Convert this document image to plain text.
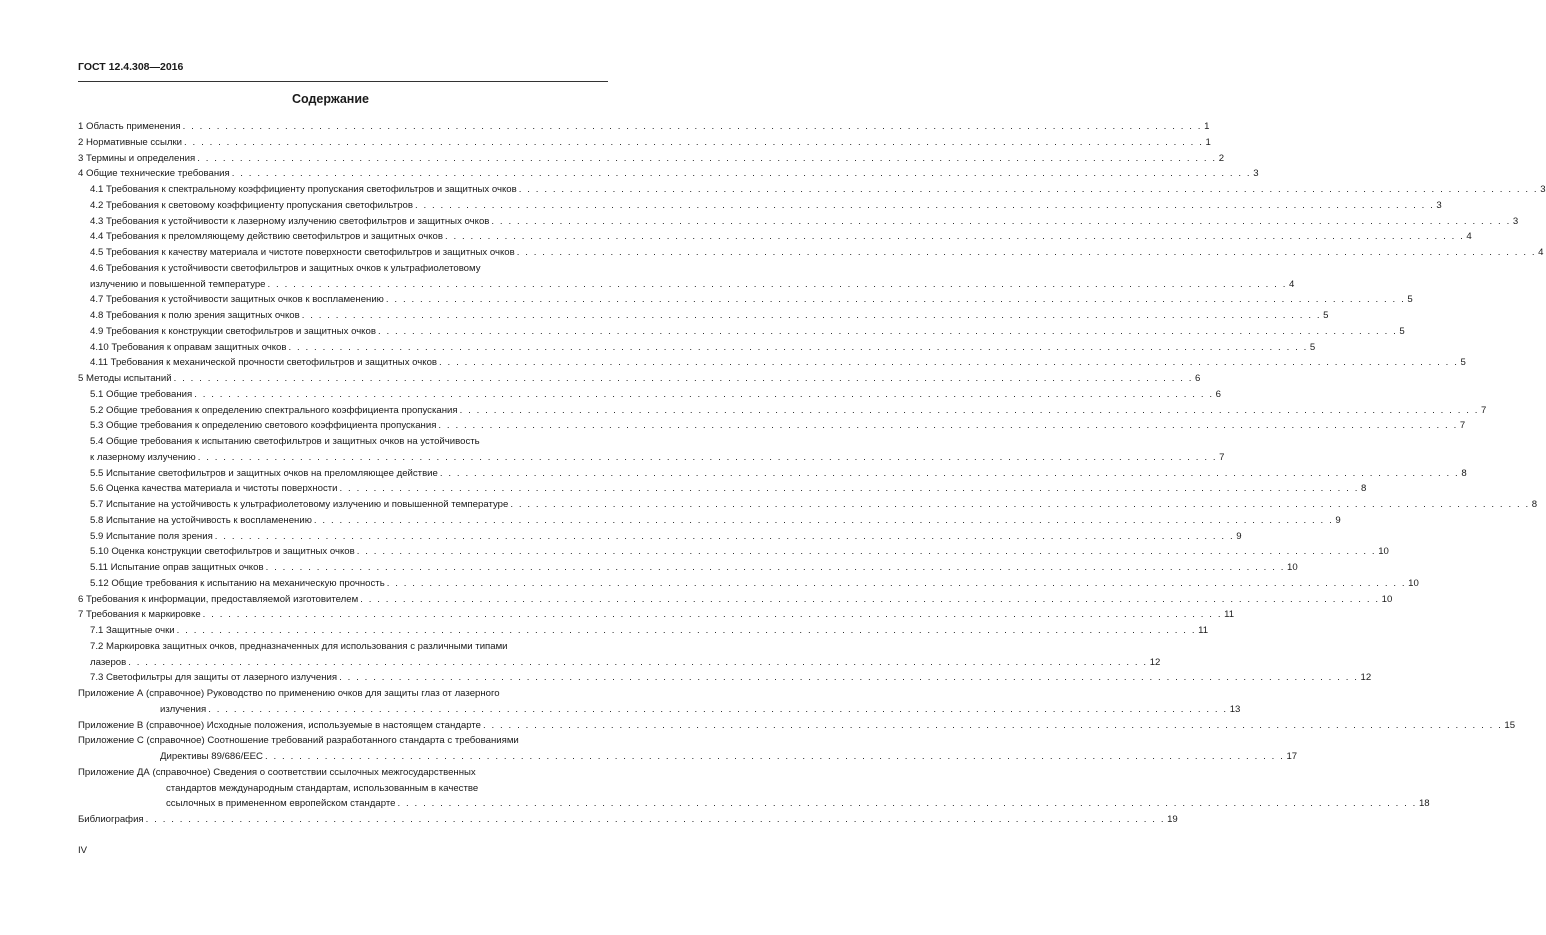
ГОСТ 12.4.308—2016
Содержание
1 Область применения . . .	1
2 Нормативные ссылки . . .	1
3 Термины и определения . . .	2
4 Общие технические требования . . .	3
4.1 Требования к спектральному коэффициенту пропускания светофильтров и защитных очков . . .	3
4.2 Требования к световому коэффициенту пропускания светофильтров . . .	3
4.3 Требования к устойчивости к лазерному излучению светофильтров и защитных очков . . .	3
4.4 Требования к преломляющему действию светофильтров и защитных очков . . .	4
4.5 Требования к качеству материала и чистоте поверхности светофильтров и защитных очков . . .	4
4.6 Требования к устойчивости светофильтров и защитных очков к ультрафиолетовому
излучению и повышенной температуре . . .	4
4.7 Требования к устойчивости защитных очков к воспламенению . . .	5
4.8 Требования к полю зрения защитных очков . . .	5
4.9 Требования к конструкции светофильтров и защитных очков . . .	5
4.10 Требования к оправам защитных очков . . .	5
4.11 Требования к механической прочности светофильтров и защитных очков . . .	5
5 Методы испытаний . . .	6
5.1 Общие требования . . .	6
5.2 Общие требования к определению спектрального коэффициента пропускания . . .	7
5.3 Общие требования к определению светового коэффициента пропускания . . .	7
5.4 Общие требования к испытанию светофильтров и защитных очков на устойчивость
к лазерному излучению . . .	7
5.5 Испытание светофильтров и защитных очков на преломляющее действие . . .	8
5.6 Оценка качества материала и чистоты поверхности . . .	8
5.7 Испытание на устойчивость к ультрафиолетовому излучению и повышенной температуре . . .	8
5.8 Испытание на устойчивость к воспламенению . . .	9
5.9 Испытание поля зрения . . .	9
5.10 Оценка конструкции светофильтров и защитных очков . . .	10
5.11 Испытание оправ защитных очков . . .	10
5.12 Общие требования к испытанию на механическую прочность . . .	10
6 Требования к информации, предоставляемой изготовителем . . .	10
7 Требования к маркировке . . .	11
7.1 Защитные очки . . .	11
7.2 Маркировка защитных очков, предназначенных для использования с различными типами
лазеров . . .	12
7.3 Светофильтры для защиты от лазерного излучения . . .	12
Приложение А (справочное) Руководство по применению очков для защиты глаз от лазерного
излучения . . .	13
Приложение В (справочное) Исходные положения, используемые в настоящем стандарте . . .	15
Приложение С (справочное) Соотношение требований разработанного стандарта с требованиями
Директивы 89/686/ЕЕС . . .	17
Приложение ДА (справочное) Сведения о соответствии ссылочных межгосударственных
стандартов международным стандартам, использованным в качестве
ссылочных в примененном европейском стандарте . . .	18
Библиография . . .	19
IV
